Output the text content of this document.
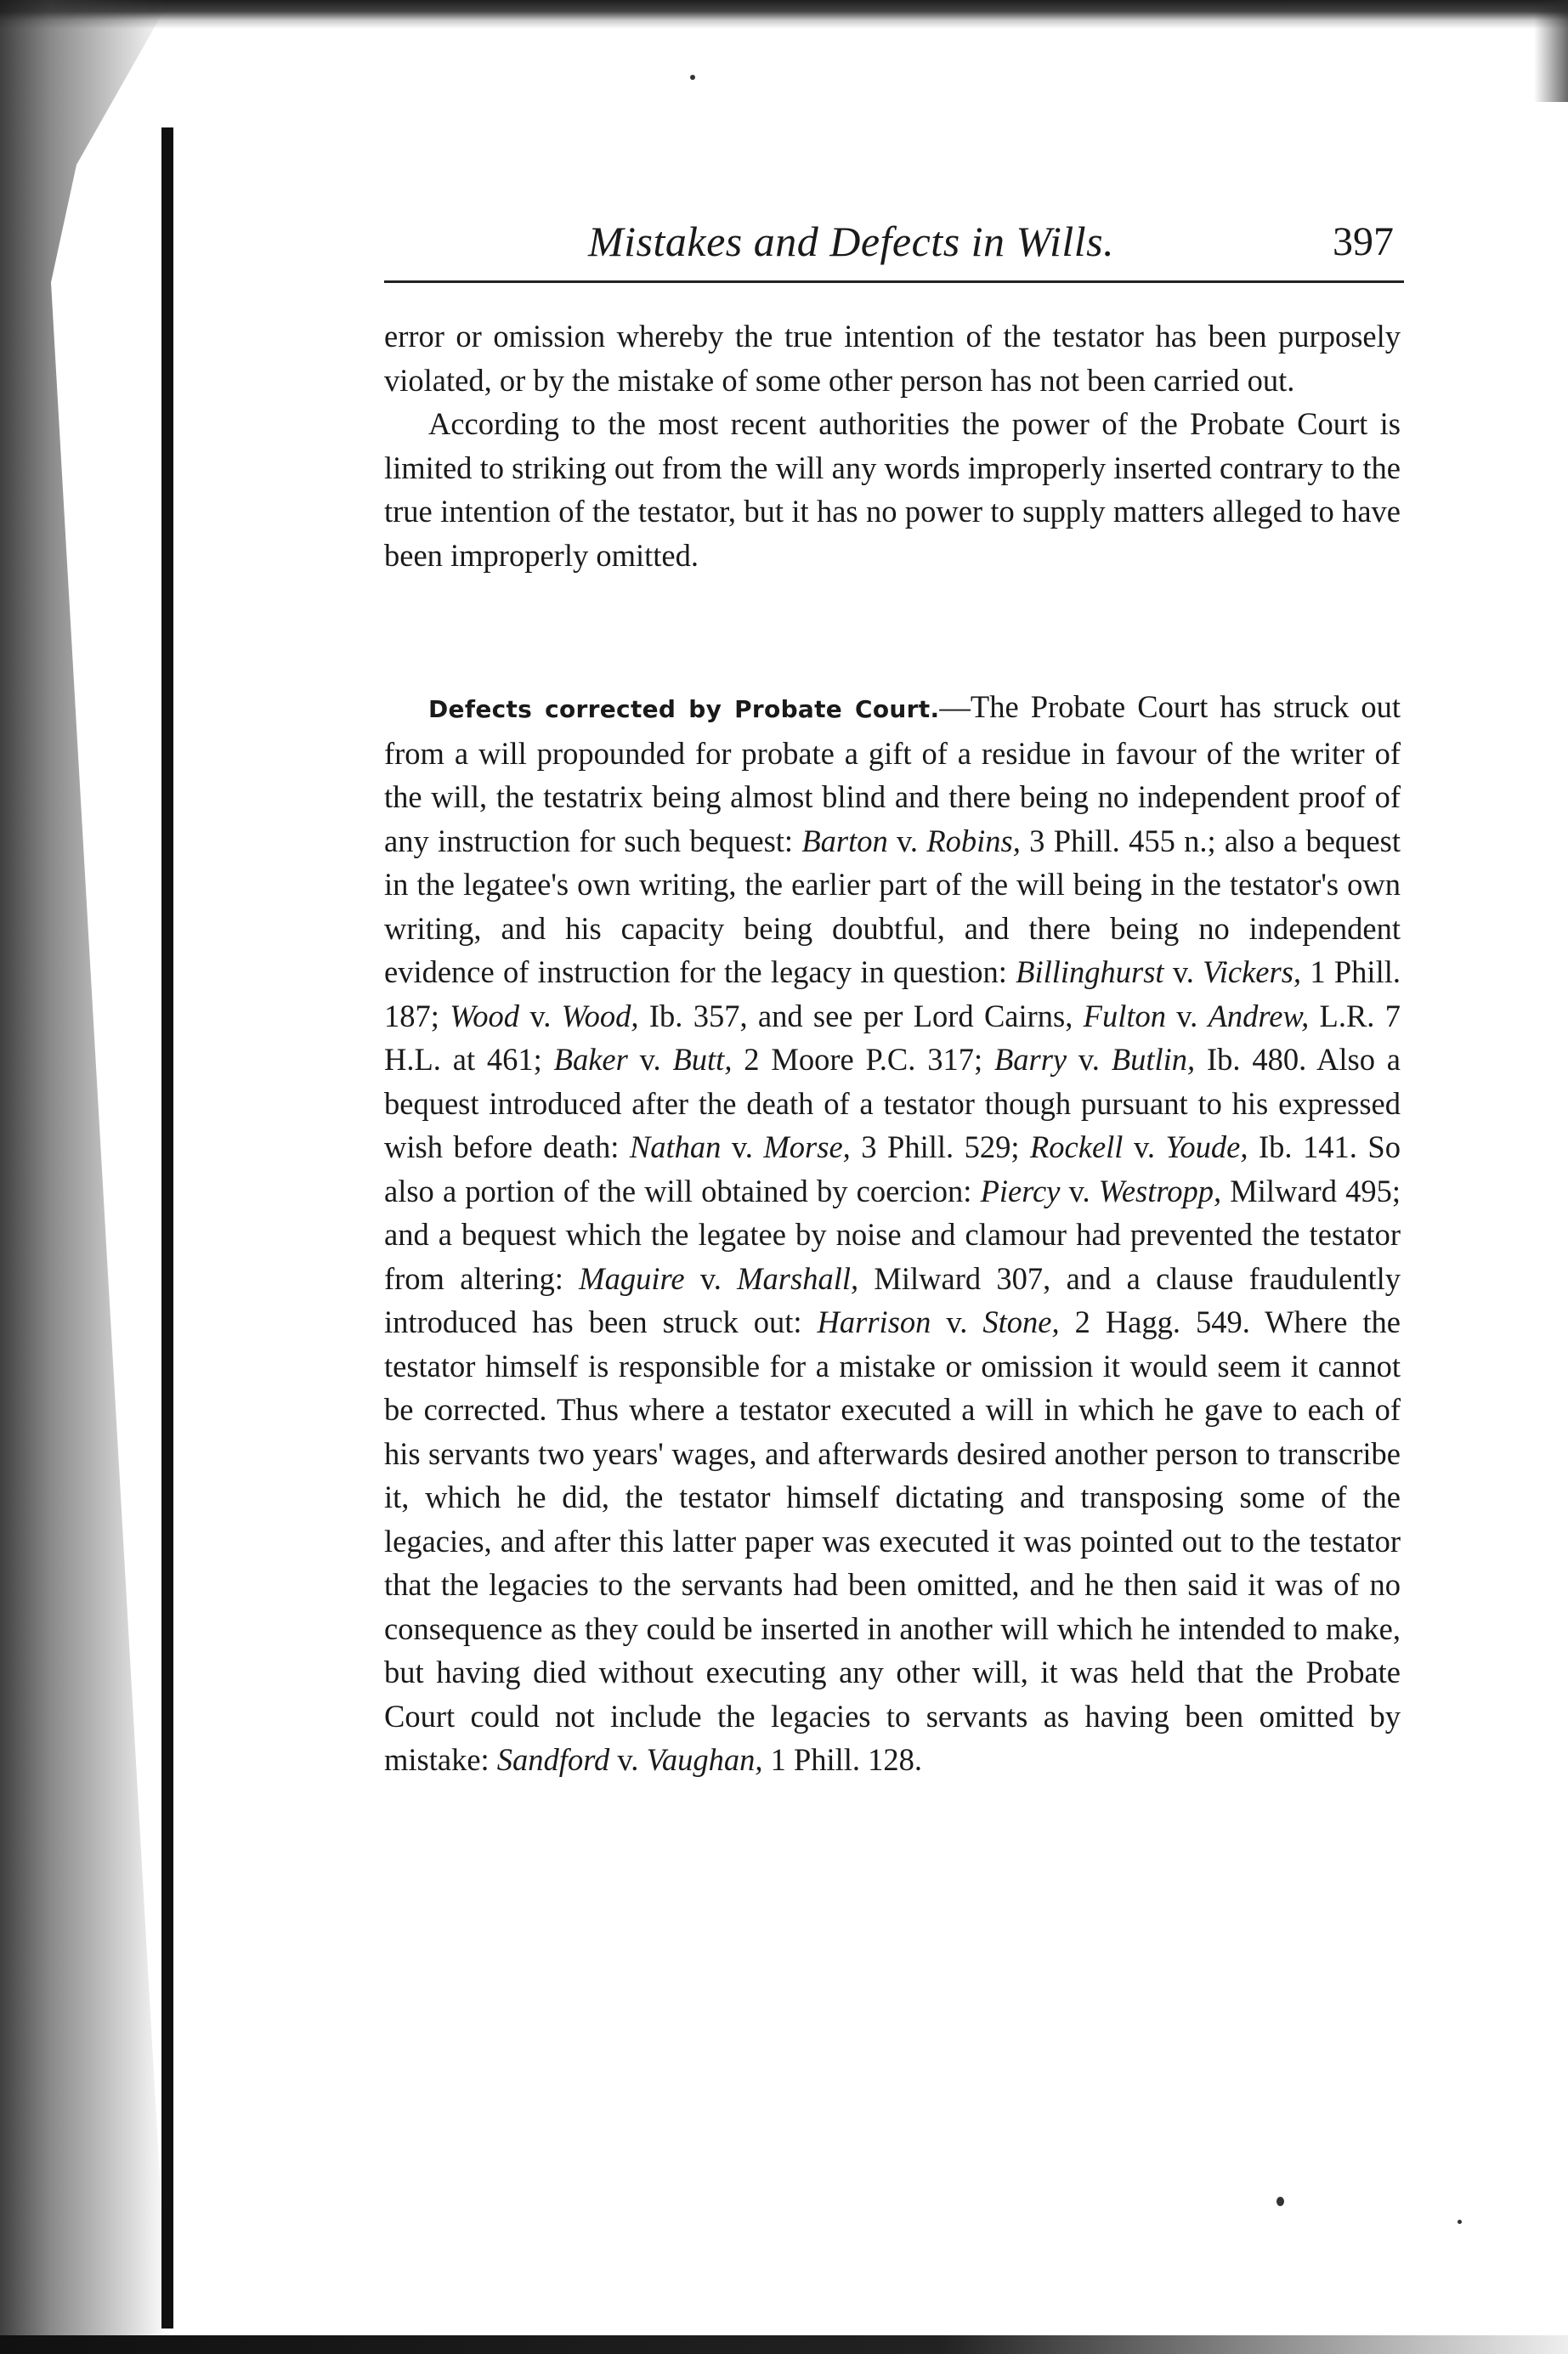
Mistakes and Defects in Wills.	397

error or omission whereby the true intention of the testator has been purposely violated, or by the mistake of some other person has not been carried out.

According to the most recent authorities the power of the Probate Court is limited to striking out from the will any words improperly inserted contrary to the true intention of the testator, but it has no power to supply matters alleged to have been improperly omitted.

Defects corrected by Probate Court.—The Probate Court has struck out from a will propounded for probate a gift of a residue in favour of the writer of the will, the testatrix being almost blind and there being no independent proof of any instruction for such bequest: Barton v. Robins, 3 Phill. 455 n.; also a bequest in the legatee's own writing, the earlier part of the will being in the testator's own writing, and his capacity being doubtful, and there being no independent evidence of instruction for the legacy in question: Billinghurst v. Vickers, 1 Phill. 187; Wood v. Wood, Ib. 357, and see per Lord Cairns, Fulton v. Andrew, L.R. 7 H.L. at 461; Baker v. Butt, 2 Moore P.C. 317; Barry v. Butlin, Ib. 480. Also a bequest introduced after the death of a testator though pursuant to his expressed wish before death: Nathan v. Morse, 3 Phill. 529; Rockell v. Youde, Ib. 141. So also a portion of the will obtained by coercion: Piercy v. Westropp, Milward 495; and a bequest which the legatee by noise and clamour had prevented the testator from altering: Maguire v. Marshall, Milward 307, and a clause fraudulently introduced has been struck out: Harrison v. Stone, 2 Hagg. 549. Where the testator himself is responsible for a mistake or omission it would seem it cannot be corrected. Thus where a testator executed a will in which he gave to each of his servants two years' wages, and afterwards desired another person to transcribe it, which he did, the testator himself dictating and transposing some of the legacies, and after this latter paper was executed it was pointed out to the testator that the legacies to the servants had been omitted, and he then said it was of no consequence as they could be inserted in another will which he intended to make, but having died without executing any other will, it was held that the Probate Court could not include the legacies to servants as having been omitted by mistake: Sandford v. Vaughan, 1 Phill. 128.
